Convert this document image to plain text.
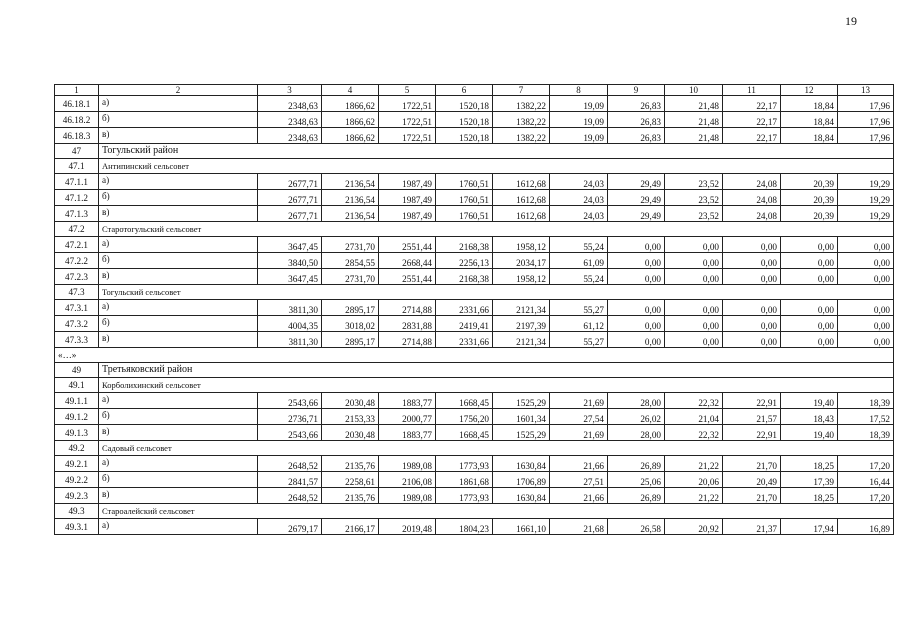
19
1	2	3	4	5	6	7	8	9	10	11	12	13
46.18.1	а)	2348,63	1866,62	1722,51	1520,18	1382,22	19,09	26,83	21,48	22,17	18,84	17,96
46.18.2	б)	2348,63	1866,62	1722,51	1520,18	1382,22	19,09	26,83	21,48	22,17	18,84	17,96
46.18.3	в)	2348,63	1866,62	1722,51	1520,18	1382,22	19,09	26,83	21,48	22,17	18,84	17,96
47	Тогульский район											
47.1	Антипинский сельсовет											
47.1.1	а)	2677,71	2136,54	1987,49	1760,51	1612,68	24,03	29,49	23,52	24,08	20,39	19,29
47.1.2	б)	2677,71	2136,54	1987,49	1760,51	1612,68	24,03	29,49	23,52	24,08	20,39	19,29
47.1.3	в)	2677,71	2136,54	1987,49	1760,51	1612,68	24,03	29,49	23,52	24,08	20,39	19,29
47.2	Старотогульский сельсовет											
47.2.1	а)	3647,45	2731,70	2551,44	2168,38	1958,12	55,24	0,00	0,00	0,00	0,00	0,00
47.2.2	б)	3840,50	2854,55	2668,44	2256,13	2034,17	61,09	0,00	0,00	0,00	0,00	0,00
47.2.3	в)	3647,45	2731,70	2551,44	2168,38	1958,12	55,24	0,00	0,00	0,00	0,00	0,00
47.3	Тогульский сельсовет											
47.3.1	а)	3811,30	2895,17	2714,88	2331,66	2121,34	55,27	0,00	0,00	0,00	0,00	0,00
47.3.2	б)	4004,35	3018,02	2831,88	2419,41	2197,39	61,12	0,00	0,00	0,00	0,00	0,00
47.3.3	в)	3811,30	2895,17	2714,88	2331,66	2121,34	55,27	0,00	0,00	0,00	0,00	0,00
«…»												
49	Третьяковский район											
49.1	Корболихинский сельсовет											
49.1.1	а)	2543,66	2030,48	1883,77	1668,45	1525,29	21,69	28,00	22,32	22,91	19,40	18,39
49.1.2	б)	2736,71	2153,33	2000,77	1756,20	1601,34	27,54	26,02	21,04	21,57	18,43	17,52
49.1.3	в)	2543,66	2030,48	1883,77	1668,45	1525,29	21,69	28,00	22,32	22,91	19,40	18,39
49.2	Садовый сельсовет											
49.2.1	а)	2648,52	2135,76	1989,08	1773,93	1630,84	21,66	26,89	21,22	21,70	18,25	17,20
49.2.2	б)	2841,57	2258,61	2106,08	1861,68	1706,89	27,51	25,06	20,06	20,49	17,39	16,44
49.2.3	в)	2648,52	2135,76	1989,08	1773,93	1630,84	21,66	26,89	21,22	21,70	18,25	17,20
49.3	Староалейский сельсовет											
49.3.1	а)	2679,17	2166,17	2019,48	1804,23	1661,10	21,68	26,58	20,92	21,37	17,94	16,89
